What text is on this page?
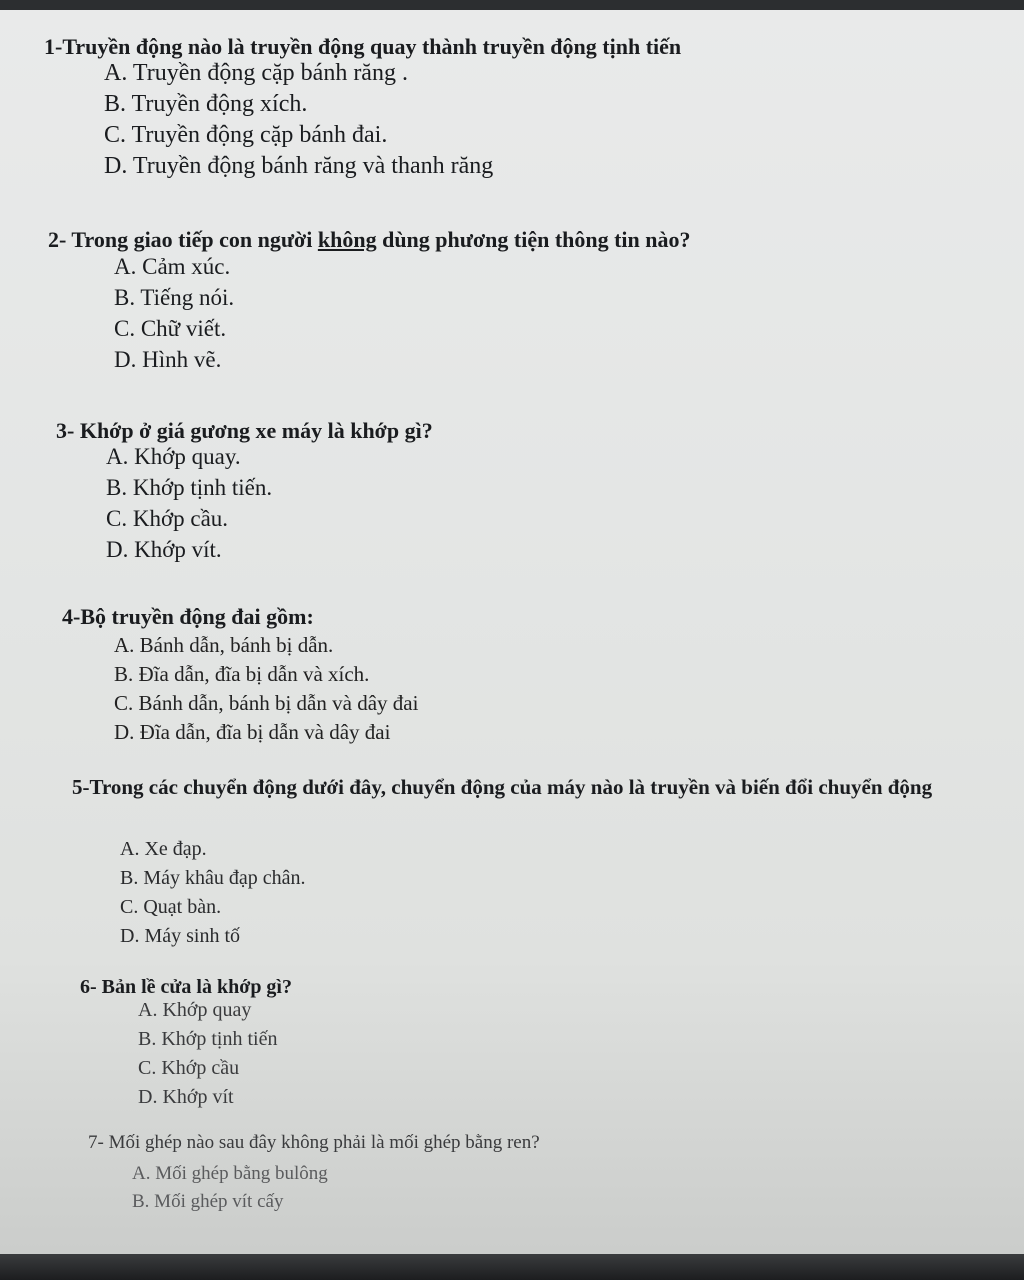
1-Truyền động nào là truyền động quay thành truyền động tịnh tiến
A. Truyền động cặp bánh răng .
B. Truyền động xích.
C. Truyền động cặp bánh đai.
D. Truyền động bánh răng và thanh răng
2- Trong giao tiếp con người không dùng phương tiện thông tin nào?
A. Cảm xúc.
B. Tiếng nói.
C. Chữ viết.
D. Hình vẽ.
3- Khớp ở giá gương xe máy là khớp gì?
A. Khớp quay.
B. Khớp tịnh tiến.
C. Khớp cầu.
D. Khớp vít.
4-Bộ truyền động đai gồm:
A. Bánh dẫn, bánh bị dẫn.
B. Đĩa dẫn, đĩa bị dẫn và xích.
C. Bánh dẫn, bánh bị dẫn và dây đai
D. Đĩa dẫn, đĩa bị dẫn và dây đai
5-Trong các chuyển động dưới đây, chuyển động của máy nào là truyền và biến đổi chuyển động
A. Xe đạp.
B. Máy khâu đạp chân.
C. Quạt bàn.
D. Máy sinh tố
6- Bản lề cửa là khớp gì?
A. Khớp quay
B. Khớp tịnh tiến
C. Khớp cầu
D. Khớp vít
7- Mối ghép nào sau đây không phải là mối ghép bằng ren?
A. Mối ghép bằng bulông
B. Mối ghép vít cấy
